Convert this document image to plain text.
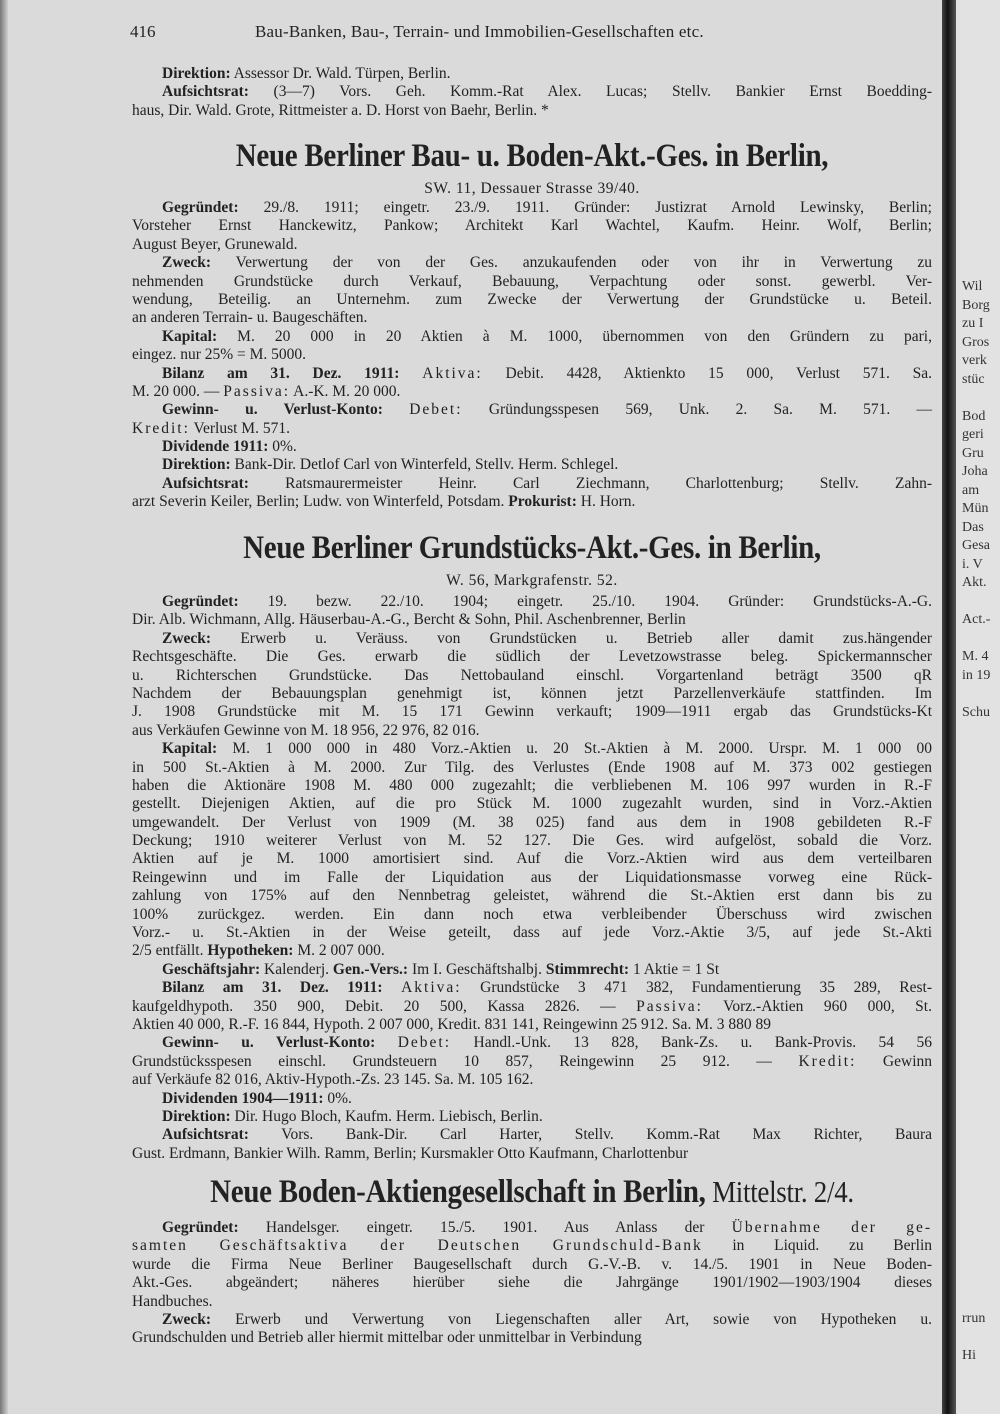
416	Bau-Banken, Bau-, Terrain- und Immobilien-Gesellschaften etc.
Direktion: Assessor Dr. Wald. Türpen, Berlin.
Aufsichtsrat: (3—7) Vors. Geh. Komm.-Rat Alex. Lucas; Stellv. Bankier Ernst Boedding-
haus, Dir. Wald. Grote, Rittmeister a. D. Horst von Baehr, Berlin. *
Neue Berliner Bau- u. Boden-Akt.-Ges. in Berlin,
SW. 11, Dessauer Strasse 39/40.
Gegründet: 29./8. 1911; eingetr. 23./9. 1911. Gründer: Justizrat Arnold Lewinsky, Berlin;
Vorsteher Ernst Hanckewitz, Pankow; Architekt Karl Wachtel, Kaufm. Heinr. Wolf, Berlin;
August Beyer, Grunewald.
Zweck: Verwertung der von der Ges. anzukaufenden oder von ihr in Verwertung zu
nehmenden Grundstücke durch Verkauf, Bebauung, Verpachtung oder sonst. gewerbl. Ver-
wendung, Beteilig. an Unternehm. zum Zwecke der Verwertung der Grundstücke u. Beteil.
an anderen Terrain- u. Baugeschäften.
Kapital: M. 20 000 in 20 Aktien à M. 1000, übernommen von den Gründern zu pari,
eingez. nur 25% = M. 5000.
Bilanz am 31. Dez. 1911: Aktiva: Debit. 4428, Aktienkto 15 000, Verlust 571. Sa.
M. 20 000. — Passiva: A.-K. M. 20 000.
Gewinn- u. Verlust-Konto: Debet: Gründungsspesen 569, Unk. 2. Sa. M. 571. —
Kredit: Verlust M. 571.
Dividende 1911: 0%.
Direktion: Bank-Dir. Detlof Carl von Winterfeld, Stellv. Herm. Schlegel.
Aufsichtsrat: Ratsmaurermeister Heinr. Carl Ziechmann, Charlottenburg; Stellv. Zahn-
arzt Severin Keiler, Berlin; Ludw. von Winterfeld, Potsdam. Prokurist: H. Horn.
Neue Berliner Grundstücks-Akt.-Ges. in Berlin,
W. 56, Markgrafenstr. 52.
Gegründet: 19. bezw. 22./10. 1904; eingetr. 25./10. 1904. Gründer: Grundstücks-A.-G.
Dir. Alb. Wichmann, Allg. Häuserbau-A.-G., Bercht & Sohn, Phil. Aschenbrenner, Berlin
Zweck: Erwerb u. Veräuss. von Grundstücken u. Betrieb aller damit zus.hängender
Rechtsgeschäfte. Die Ges. erwarb die südlich der Levetzowstrasse beleg. Spickermannscher
u. Richterschen Grundstücke. Das Nettobauland einschl. Vorgartenland beträgt 3500 qR
Nachdem der Bebauungsplan genehmigt ist, können jetzt Parzellenverkäufe stattfinden. Im
J. 1908 Grundstücke mit M. 15 171 Gewinn verkauft; 1909—1911 ergab das Grundstücks-Kt
aus Verkäufen Gewinne von M. 18 956, 22 976, 82 016.
Kapital: M. 1 000 000 in 480 Vorz.-Aktien u. 20 St.-Aktien à M. 2000. Urspr. M. 1 000 00
in 500 St.-Aktien à M. 2000. Zur Tilg. des Verlustes (Ende 1908 auf M. 373 002 gestiegen
haben die Aktionäre 1908 M. 480 000 zugezahlt; die verbliebenen M. 106 997 wurden in R.-F
gestellt. Diejenigen Aktien, auf die pro Stück M. 1000 zugezahlt wurden, sind in Vorz.-Aktien
umgewandelt. Der Verlust von 1909 (M. 38 025) fand aus dem in 1908 gebildeten R.-F
Deckung; 1910 weiterer Verlust von M. 52 127. Die Ges. wird aufgelöst, sobald die Vorz.
Aktien auf je M. 1000 amortisiert sind. Auf die Vorz.-Aktien wird aus dem verteilbaren
Reingewinn und im Falle der Liquidation aus der Liquidationsmasse vorweg eine Rück-
zahlung von 175% auf den Nennbetrag geleistet, während die St.-Aktien erst dann bis zu
100% zurückgez. werden. Ein dann noch etwa verbleibender Überschuss wird zwischen
Vorz.- u. St.-Aktien in der Weise geteilt, dass auf jede Vorz.-Aktie 3/5, auf jede St.-Akti
2/5 entfällt. Hypotheken: M. 2 007 000.
Geschäftsjahr: Kalenderj. Gen.-Vers.: Im I. Geschäftshalbj. Stimmrecht: 1 Aktie = 1 St
Bilanz am 31. Dez. 1911: Aktiva: Grundstücke 3 471 382, Fundamentierung 35 289, Rest-
kaufgeldhypoth. 350 900, Debit. 20 500, Kassa 2826. — Passiva: Vorz.-Aktien 960 000, St.
Aktien 40 000, R.-F. 16 844, Hypoth. 2 007 000, Kredit. 831 141, Reingewinn 25 912. Sa. M. 3 880 89
Gewinn- u. Verlust-Konto: Debet: Handl.-Unk. 13 828, Bank-Zs. u. Bank-Provis. 54 56
Grundstücksspesen einschl. Grundsteuern 10 857, Reingewinn 25 912. — Kredit: Gewinn
auf Verkäufe 82 016, Aktiv-Hypoth.-Zs. 23 145. Sa. M. 105 162.
Dividenden 1904—1911: 0%.
Direktion: Dir. Hugo Bloch, Kaufm. Herm. Liebisch, Berlin.
Aufsichtsrat: Vors. Bank-Dir. Carl Harter, Stellv. Komm.-Rat Max Richter, Baura
Gust. Erdmann, Bankier Wilh. Ramm, Berlin; Kursmakler Otto Kaufmann, Charlottenbur
Neue Boden-Aktiengesellschaft in Berlin, Mittelstr. 2/4.
Gegründet: Handelsger. eingetr. 15./5. 1901. Aus Anlass der Übernahme der ge-
samten Geschäftsaktiva der Deutschen Grundschuld-Bank in Liquid. zu Berlin
wurde die Firma Neue Berliner Baugesellschaft durch G.-V.-B. v. 14./5. 1901 in Neue Boden-
Akt.-Ges. abgeändert; näheres hierüber siehe die Jahrgänge 1901/1902—1903/1904 dieses
Handbuches.
Zweck: Erwerb und Verwertung von Liegenschaften aller Art, sowie von Hypotheken u.
Grundschulden und Betrieb aller hiermit mittelbar oder unmittelbar in Verbindung
Wil
Borg
zu I
Gros
verk
stüc
Bod
geri
Gru
Joha
am
Mün
Das
Gesa
i. V
Akt.
Act.-
M. 4
in 19
Schu
rrun
Hi
